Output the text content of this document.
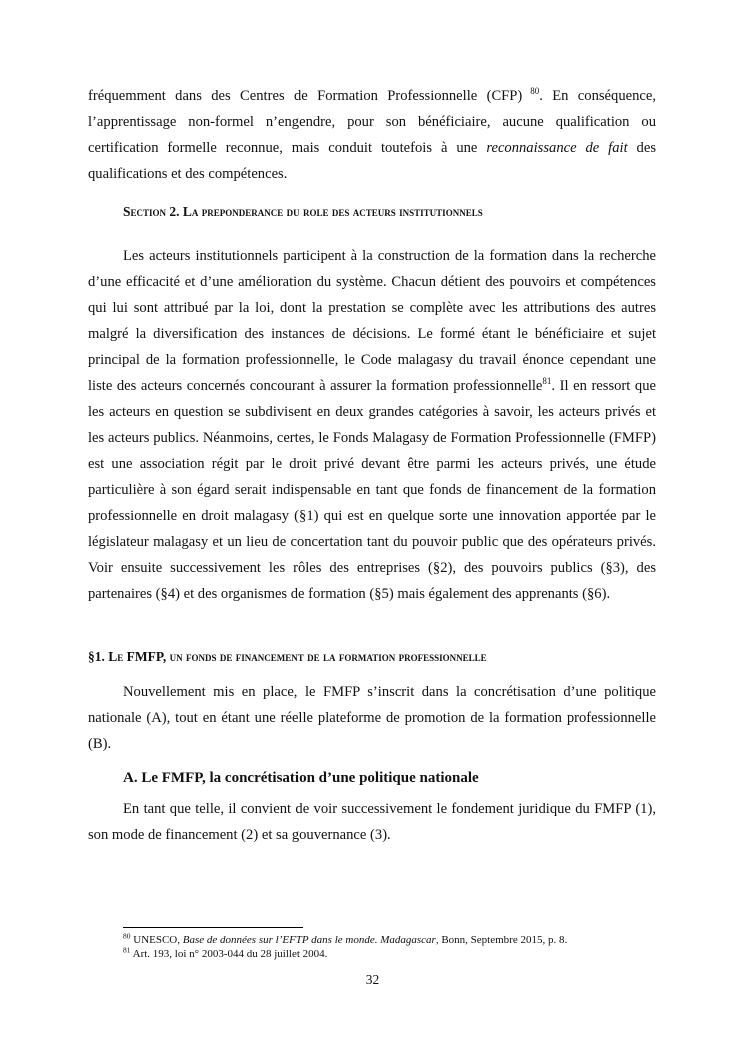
fréquemment dans des Centres de Formation Professionnelle (CFP) $^{80}$. En conséquence, l’apprentissage non-formel n’engendre, pour son bénéficiaire, aucune qualification ou certification formelle reconnue, mais conduit toutefois à une reconnaissance de fait des qualifications et des compétences.

Section 2. La preponderance du role des acteurs institutionnels

Les acteurs institutionnels participent à la construction de la formation dans la recherche d’une efficacité et d’une amélioration du système. Chacun détient des pouvoirs et compétences qui lui sont attribué par la loi, dont la prestation se complète avec les attributions des autres malgré la diversification des instances de décisions. Le formé étant le bénéficiaire et sujet principal de la formation professionnelle, le Code malagasy du travail énonce cependant une liste des acteurs concernés concourant à assurer la formation professionnelle$^{81}$. Il en ressort que les acteurs en question se subdivisent en deux grandes catégories à savoir, les acteurs privés et les acteurs publics. Néanmoins, certes, le Fonds Malagasy de Formation Professionnelle (FMFP) est une association régit par le droit privé devant être parmi les acteurs privés, une étude particulière à son égard serait indispensable en tant que fonds de financement de la formation professionnelle en droit malagasy (§1) qui est en quelque sorte une innovation apportée par le législateur malagasy et un lieu de concertation tant du pouvoir public que des opérateurs privés. Voir ensuite successivement les rôles des entreprises (§2), des pouvoirs publics (§3), des partenaires (§4) et des organismes de formation (§5) mais également des apprenants (§6).

§1. Le FMFP, un fonds de financement de la formation professionnelle

Nouvellement mis en place, le FMFP s’inscrit dans la concrétisation d’une politique nationale (A), tout en étant une réelle plateforme de promotion de la formation professionnelle (B).

A. Le FMFP, la concrétisation d’une politique nationale

En tant que telle, il convient de voir successivement le fondement juridique du FMFP (1), son mode de financement (2) et sa gouvernance (3).

$^{80}$ UNESCO, Base de données sur l’EFTP dans le monde. Madagascar, Bonn, Septembre 2015, p. 8.

$^{81}$ Art. 193, loi n° 2003-044 du 28 juillet 2004.

32
